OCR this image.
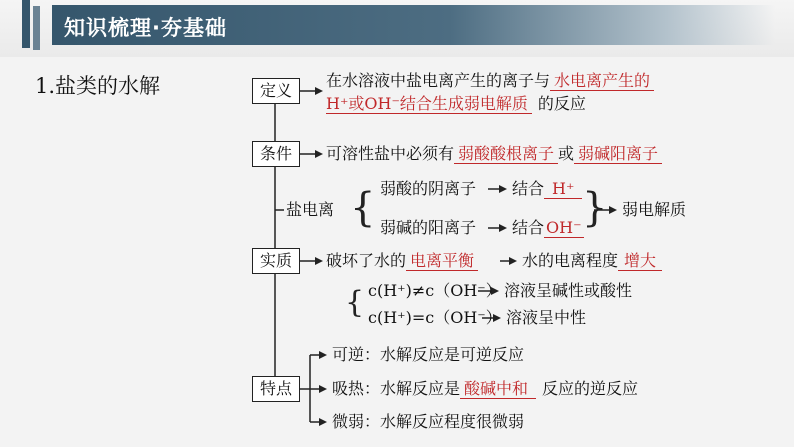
知识梳理·夯基础
1.盐类的水解	定义
在水溶液中盐电离产生的离子与 水电离产生的
H⁺或OH⁻结合生成弱电解质 的反应
条件	可溶性盐中必须有 弱酸酸根离子 或 弱碱阳离子
盐电离 { 弱酸的阴离子
弱碱的阳离子
结合 H⁺
结合 OH⁻ } 弱电解质
实质	破坏了水的 电离平衡	水的电离程度 增大
{ c(H⁺)≠c（OH⁻） 溶液呈碱性或酸性
c(H⁺)=c（OH⁻） 溶液呈中性
特点
可逆：水解反应是可逆反应
吸热：水解反应是 酸碱中和 反应的逆反应
微弱：水解反应程度很微弱
